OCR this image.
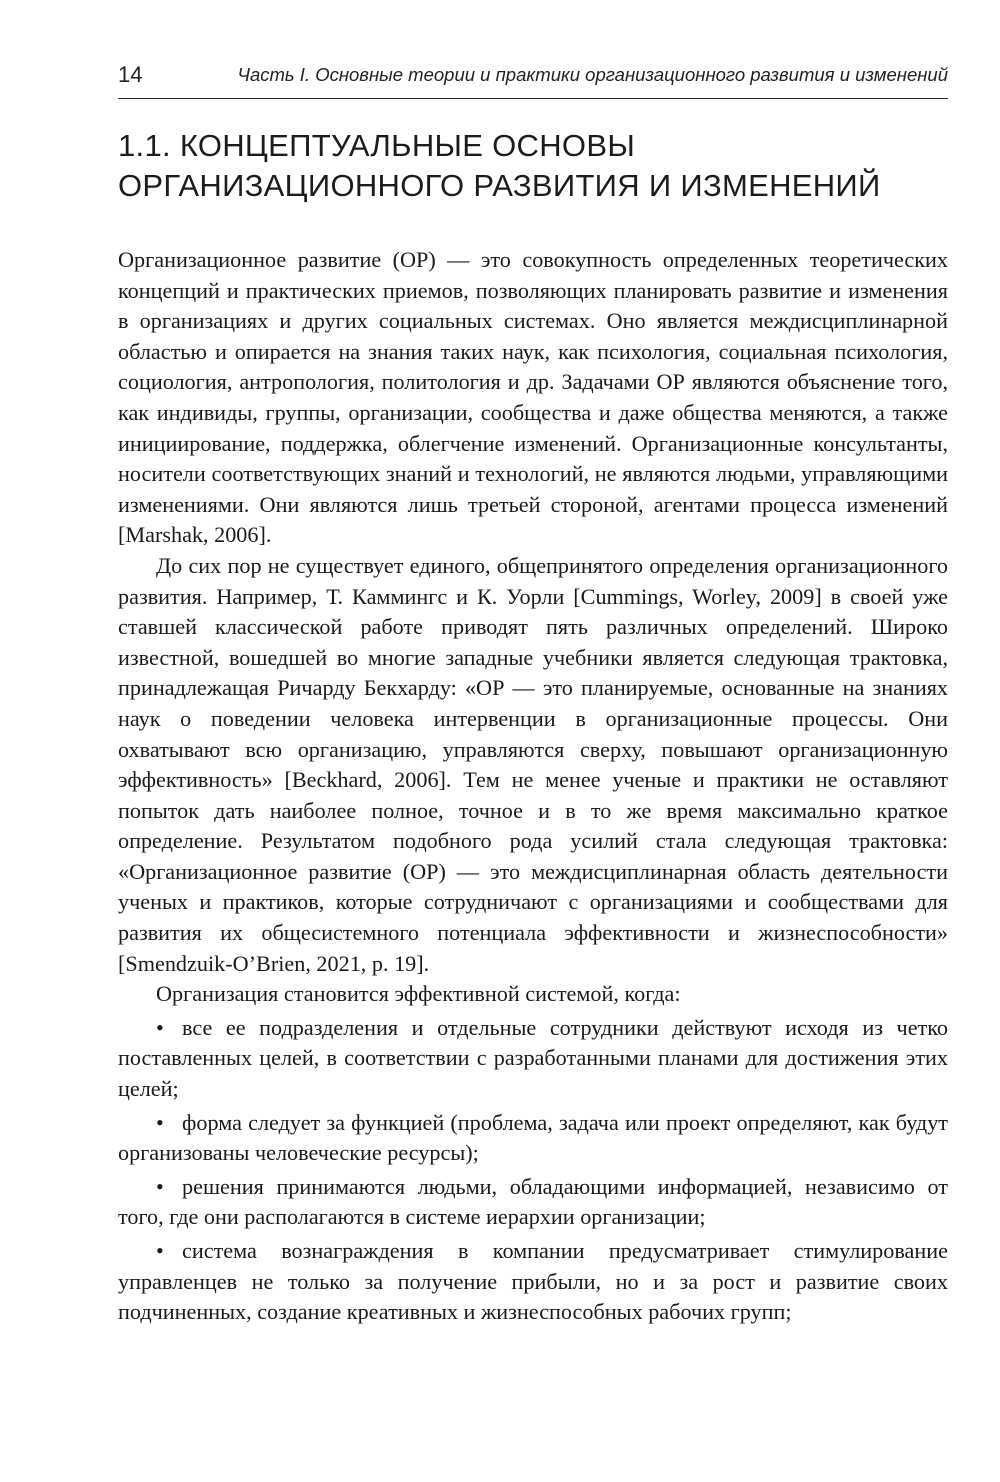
14	Часть I. Основные теории и практики организационного развития и изменений
1.1. КОНЦЕПТУАЛЬНЫЕ ОСНОВЫ
ОРГАНИЗАЦИОННОГО РАЗВИТИЯ И ИЗМЕНЕНИЙ

Организационное развитие (ОР) — это совокупность определенных теоретических концепций и практических приемов, позволяющих планировать развитие и изменения в организациях и других социальных системах. Оно является междисциплинарной областью и опирается на знания таких наук, как психология, социальная психология, социология, антропология, политология и др. Задачами ОР являются объяснение того, как индивиды, группы, организации, сообщества и даже общества меняются, а также инициирование, поддержка, облегчение изменений. Организационные консультанты, носители соответствующих знаний и технологий, не являются людьми, управляющими изменениями. Они являются лишь третьей стороной, агентами процесса изменений [Marshak, 2006].

До сих пор не существует единого, общепринятого определения организационного развития. Например, Т. Каммингс и К. Уорли [Cummings, Worley, 2009] в своей уже ставшей классической работе приводят пять различных определений. Широко известной, вошедшей во многие западные учебники является следующая трактовка, принадлежащая Ричарду Бекхарду: «ОР — это планируемые, основанные на знаниях наук о поведении человека интервенции в организационные процессы. Они охватывают всю организацию, управляются сверху, повышают организационную эффективность» [Beckhard, 2006]. Тем не менее ученые и практики не оставляют попыток дать наиболее полное, точное и в то же время максимально краткое определение. Результатом подобного рода усилий стала следующая трактовка: «Организационное развитие (ОР) — это междисциплинарная область деятельности ученых и практиков, которые сотрудничают с организациями и сообществами для развития их общесистемного потенциала эффективности и жизнеспособности» [Smendzuik-O’Brien, 2021, p. 19].

Организация становится эффективной системой, когда:

• все ее подразделения и отдельные сотрудники действуют исходя из четко поставленных целей, в соответствии с разработанными планами для достижения этих целей;
• форма следует за функцией (проблема, задача или проект определяют, как будут организованы человеческие ресурсы);
• решения принимаются людьми, обладающими информацией, независимо от того, где они располагаются в системе иерархии организации;
• система вознаграждения в компании предусматривает стимулирование управленцев не только за получение прибыли, но и за рост и развитие своих подчиненных, создание креативных и жизнеспособных рабочих групп;
